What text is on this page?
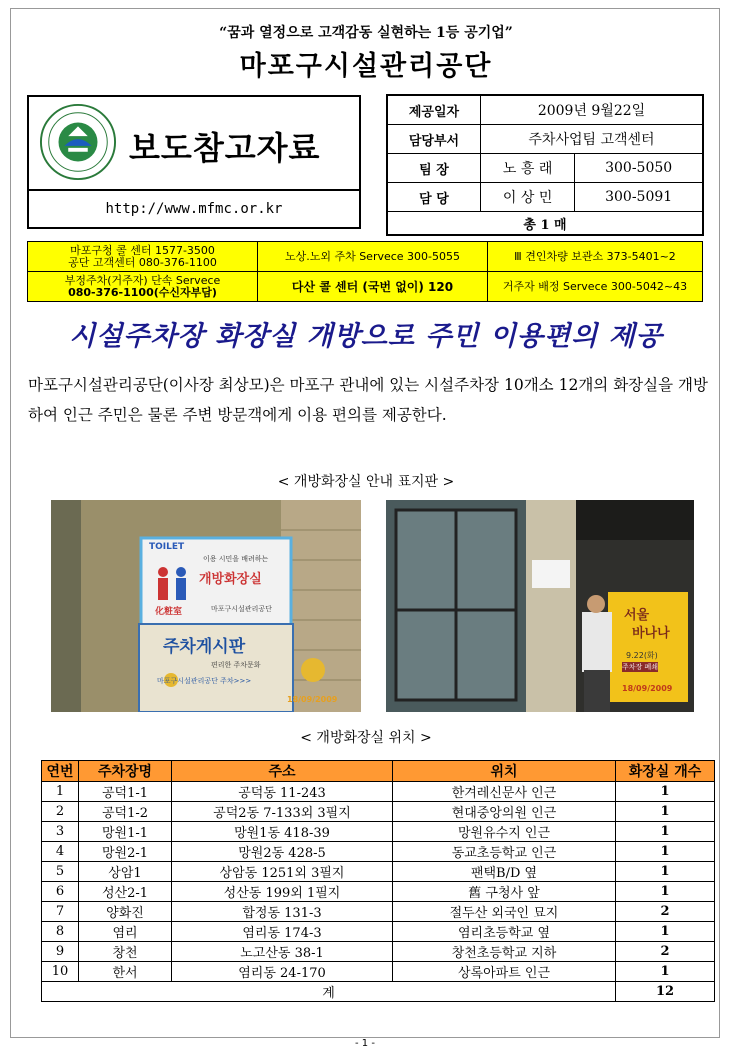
“꿈과 열정으로 고객감동 실현하는 1등 공기업”
마포구시설관리공단
보도참고자료
http://www.mfmc.or.kr
제공일자	2009년 9월22일	
담당부서	주차사업팀 고객센터	
팀 장	노 흥 래	300-5050
담 당	이 상 민	300-5091
총 1 매		
마포구청 콜 센터 1577-3500
공단 고객센터 080-376-1100	노상.노외 주차 Servece 300-5055	Ⅲ 견인차량 보관소 373-5401~2

부정주차(거주자) 단속 Servece
080-376-1100(수신자부담)	다산 콜 센터 (국번 없이) 120	거주자 배정 Servece 300-5042~43
시설주차장 화장실 개방으로 주민 이용편의 제공
마포구시설관리공단(이사장 최상모)은 마포구 관내에 있는 시설주차장 10개소 12개의 화장실을 개방하여 인근 주민은 물론 주변 방문객에게 이용 편의를 제공한다.
< 개방화장실 안내 표지판 >
TOILET
이용 시민을 배려하는
개방화장실
化粧室	마포구시설관리공단
주차게시판
편리한 주차문화
마포구시설관리공단 주차>>>
18/09/2009
서울
바나나
9.22(화)
주차장 폐쇄
18/09/2009
< 개방화장실 위치 >
연번	주차장명	주소	위치	화장실 개수
1	공덕1-1	공덕동 11-243	한겨레신문사 인근	1
2	공덕1-2	공덕2동 7-133외 3필지	현대중앙의원 인근	1
3	망원1-1	망원1동 418-39	망원유수지 인근	1
4	망원2-1	망원2동 428-5	동교초등학교 인근	1
5	상암1	상암동 1251외 3필지	팬택B/D 옆	1
6	성산2-1	성산동 199외 1필지	舊 구청사 앞	1
7	양화진	합정동 131-3	절두산 외국인 묘지	2
8	염리	염리동 174-3	염리초등학교 옆	1
9	창천	노고산동 38-1	창천초등학교 지하	2
10	한서	염리동 24-170	상록아파트 인근	1
계				12
- 1 -
